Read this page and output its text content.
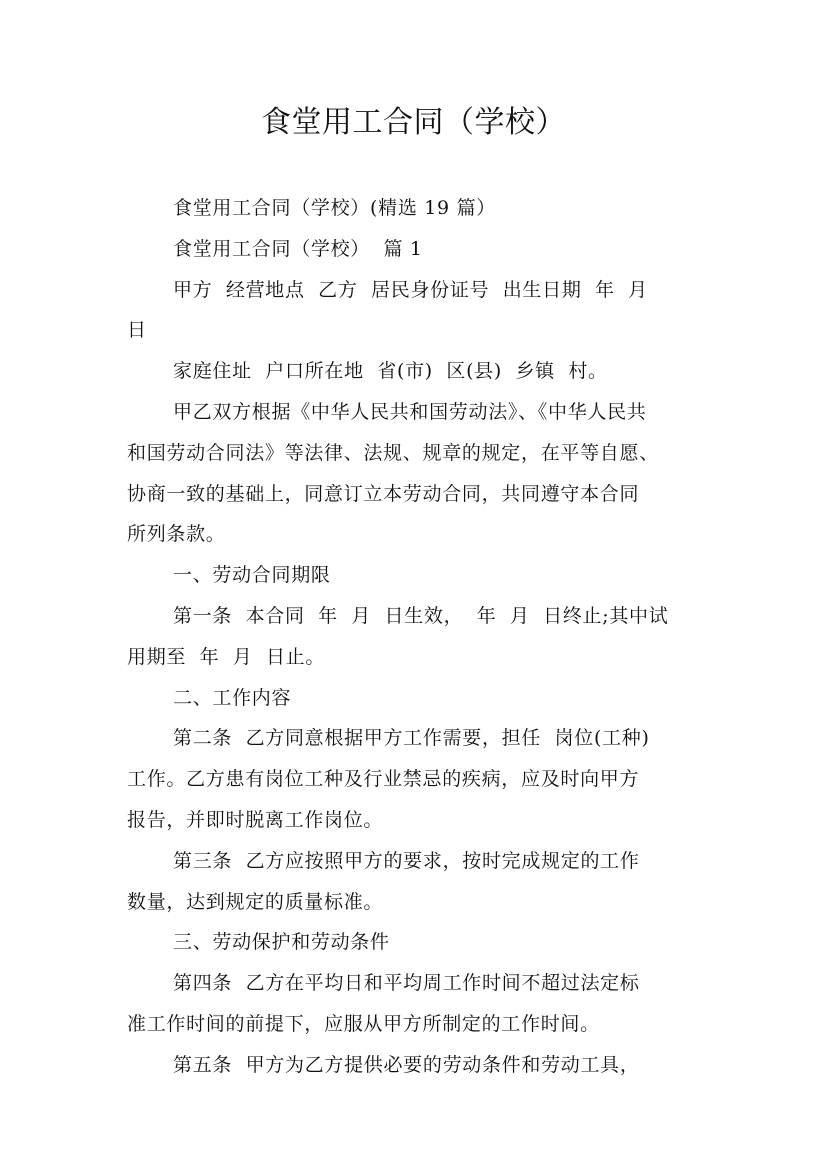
食堂用工合同（学校）
食堂用工合同（学校）(精选 19 篇）
食堂用工合同（学校）  篇 1
甲方  经营地点  乙方  居民身份证号  出生日期  年  月
日
家庭住址  户口所在地  省(市)  区(县)  乡镇  村。
甲乙双方根据《中华人民共和国劳动法》、《中华人民共
和国劳动合同法》等法律、法规、规章的规定，在平等自愿、
协商一致的基础上，同意订立本劳动合同，共同遵守本合同
所列条款。
一、劳动合同期限
第一条  本合同  年  月  日生效，  年  月  日终止;其中试
用期至  年  月  日止。
二、工作内容
第二条  乙方同意根据甲方工作需要，担任  岗位(工种)
工作。乙方患有岗位工种及行业禁忌的疾病，应及时向甲方
报告，并即时脱离工作岗位。
第三条  乙方应按照甲方的要求，按时完成规定的工作
数量，达到规定的质量标准。
三、劳动保护和劳动条件
第四条  乙方在平均日和平均周工作时间不超过法定标
准工作时间的前提下，应服从甲方所制定的工作时间。
第五条  甲方为乙方提供必要的劳动条件和劳动工具，
